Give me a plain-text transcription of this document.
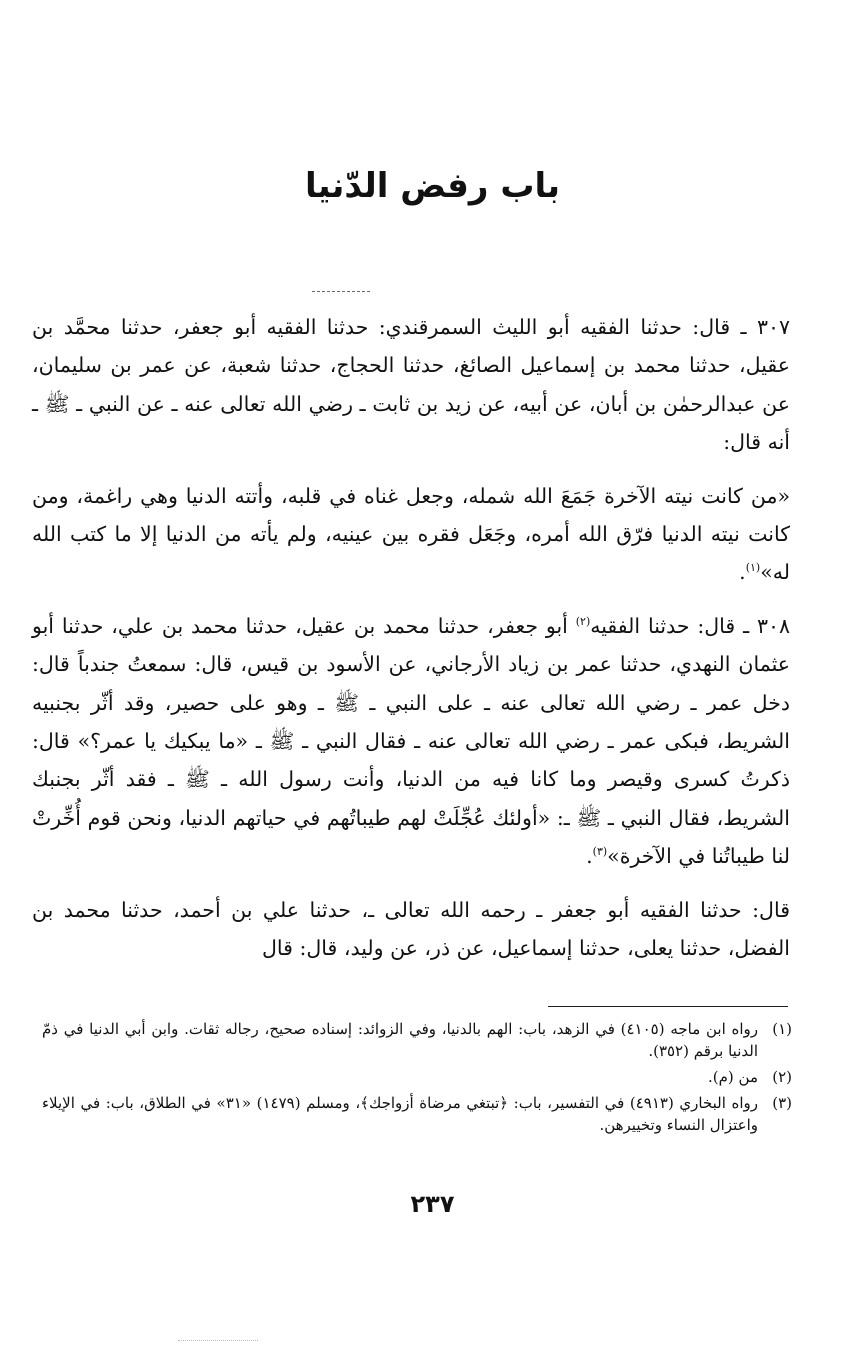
باب رفض الدّنيا

٣٠٧ ـ قال: حدثنا الفقيه أبو الليث السمرقندي: حدثنا الفقيه أبو جعفر، حدثنا محمَّد بن عقيل، حدثنا محمد بن إسماعيل الصائغ، حدثنا الحجاج، حدثنا شعبة، عن عمر بن سليمان، عن عبدالرحمٰن بن أبان، عن أبيه، عن زيد بن ثابت ـ رضي الله تعالى عنه ـ عن النبي ـ ﷺ ـ أنه قال:

«من كانت نيته الآخرة جَمَعَ الله شمله، وجعل غناه في قلبه، وأتته الدنيا وهي راغمة، ومن كانت نيته الدنيا فرّق الله أمره، وجَعَل فقره بين عينيه، ولم يأته من الدنيا إلا ما كتب الله له»$^{(١)}$.

٣٠٨ ـ قال: حدثنا الفقيه$^{(٢)}$ أبو جعفر، حدثنا محمد بن عقيل، حدثنا محمد بن علي، حدثنا أبو عثمان النهدي، حدثنا عمر بن زياد الأرجاني، عن الأسود بن قيس، قال: سمعتُ جندباً قال: دخل عمر ـ رضي الله تعالى عنه ـ على النبي ـ ﷺ ـ وهو على حصير، وقد أثّر بجنبيه الشريط، فبكى عمر ـ رضي الله تعالى عنه ـ فقال النبي ـ ﷺ ـ «ما يبكيك يا عمر؟» قال: ذكرتُ كسرى وقيصر وما كانا فيه من الدنيا، وأنت رسول الله ـ ﷺ ـ فقد أثّر بجنبك الشريط، فقال النبي ـ ﷺ ـ: «أولئك عُجِّلَتْ لهم طيباتُهم في حياتهم الدنيا، ونحن قوم أُخِّرتْ لنا طيباتُنا في الآخرة»$^{(٣)}$.

قال: حدثنا الفقيه أبو جعفر ـ رحمه الله تعالى ـ، حدثنا علي بن أحمد، حدثنا محمد بن الفضل، حدثنا يعلى، حدثنا إسماعيل، عن ذر، عن وليد، قال: قال

(١)
رواه ابن ماجه (٤١٠٥) في الزهد، باب: الهم بالدنيا، وفي الزوائد: إسناده صحيح، رجاله ثقات. وابن أبي الدنيا في ذمّ الدنيا برقم (٣٥٢).
(٢)
من (م).
(٣)
رواه البخاري (٤٩١٣) في التفسير، باب: ﴿تبتغي مرضاة أزواجك﴾، ومسلم (١٤٧٩) «٣١» في الطلاق، باب: في الإيلاء واعتزال النساء وتخييرهن.
٢٣٧
